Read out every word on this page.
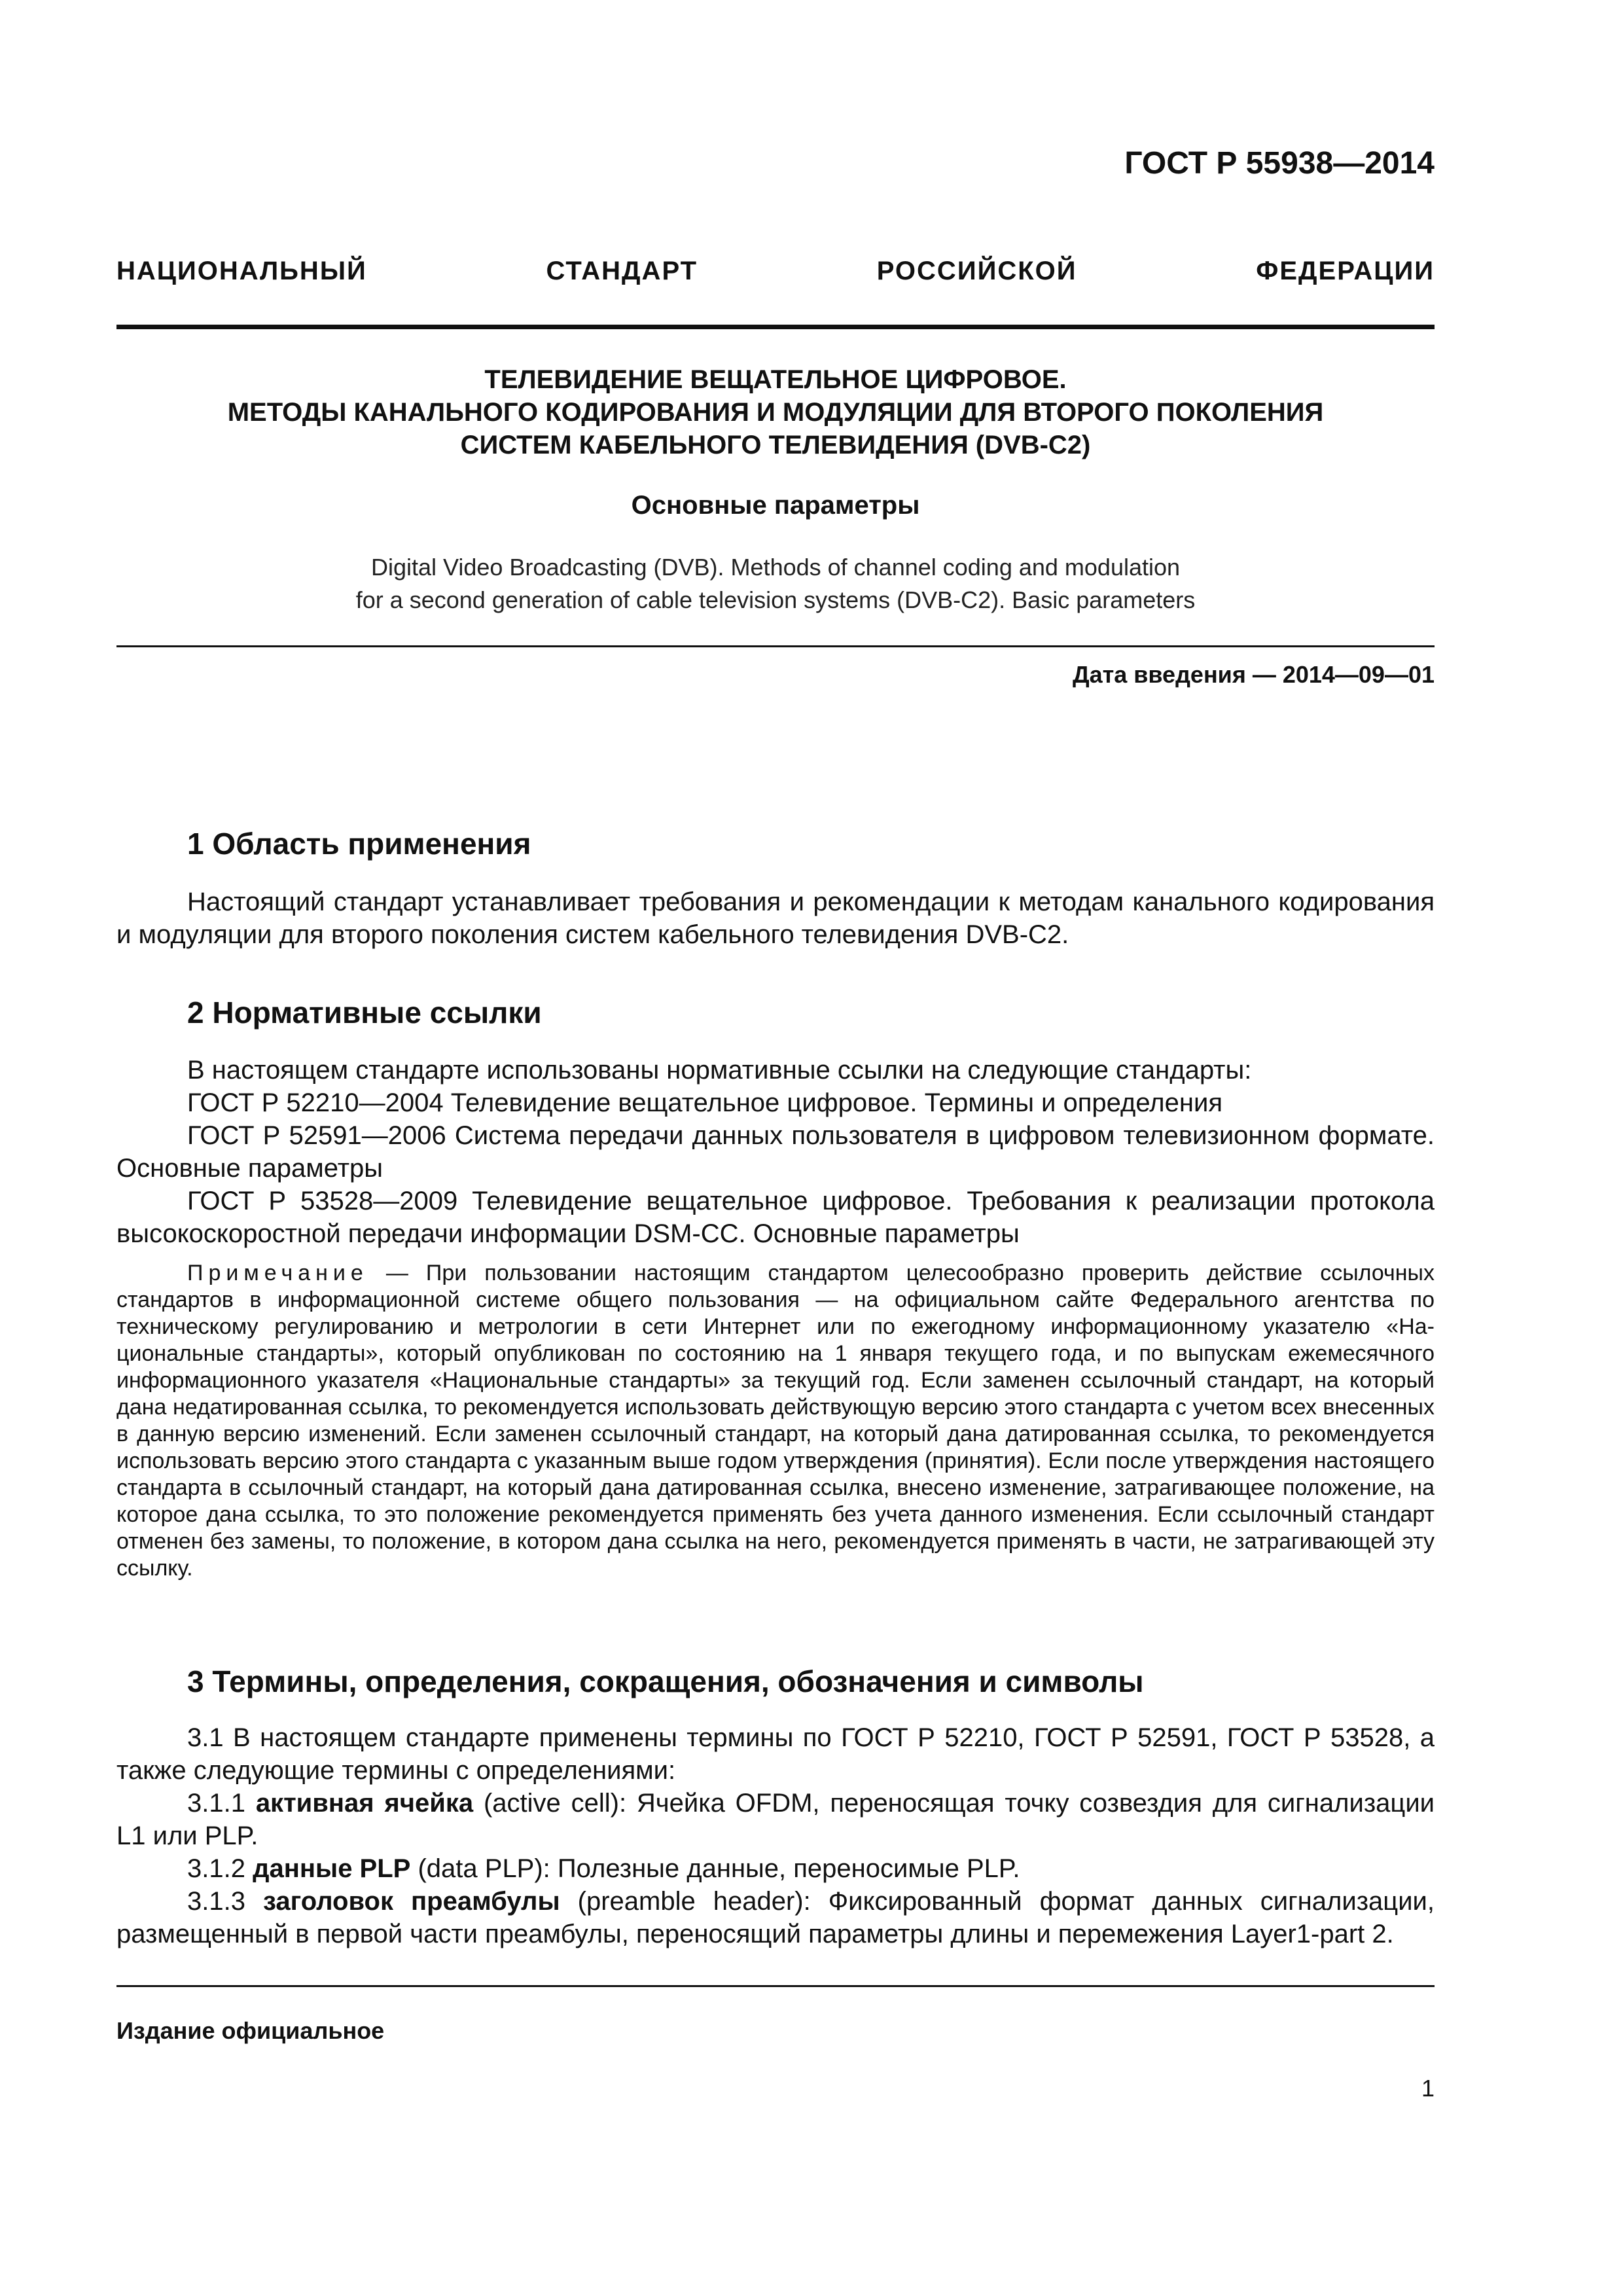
ГОСТ Р 55938—2014
НАЦИОНАЛЬНЫЙ СТАНДАРТ РОССИЙСКОЙ ФЕДЕРАЦИИ
ТЕЛЕВИДЕНИЕ ВЕЩАТЕЛЬНОЕ ЦИФРОВОЕ.
МЕТОДЫ КАНАЛЬНОГО КОДИРОВАНИЯ И МОДУЛЯЦИИ ДЛЯ ВТОРОГО ПОКОЛЕНИЯ
СИСТЕМ КАБЕЛЬНОГО ТЕЛЕВИДЕНИЯ (DVB-C2)
Основные параметры
Digital Video Broadcasting (DVB). Methods of channel coding and modulation
for a second generation of cable television systems (DVB-C2). Basic parameters
Дата введения — 2014—09—01
1 Область применения

Настоящий стандарт устанавливает требования и рекомендации к методам канального кодирования и модуляции для второго поколения систем кабельного телевидения DVB-C2.

2 Нормативные ссылки

В настоящем стандарте использованы нормативные ссылки на следующие стандарты:

ГОСТ Р 52210—2004 Телевидение вещательное цифровое. Термины и определения

ГОСТ Р 52591—2006 Система передачи данных пользователя в цифровом телевизионном формате. Основные параметры

ГОСТ Р 53528—2009 Телевидение вещательное цифровое. Требования к реализации протокола высокоскоростной передачи информации DSM-CC. Основные параметры

Примечание — При пользовании настоящим стандартом целесообразно проверить действие ссылочных стандартов в информационной системе общего пользования — на официальном сайте Федерального агентства по техническому регулированию и метрологии в сети Интернет или по ежегодному информационному указателю «Национальные стандарты», который опубликован по состоянию на 1 января текущего года, и по выпускам ежемесячного информационного указателя «Национальные стандарты» за текущий год. Если заменен ссылочный стандарт, на который дана недатированная ссылка, то рекомендуется использовать действующую версию этого стандарта с учетом всех внесенных в данную версию изменений. Если заменен ссылочный стандарт, на который дана датированная ссылка, то рекомендуется использовать версию этого стандарта с указанным выше годом утверждения (принятия). Если после утверждения настоящего стандарта в ссылочный стандарт, на который дана датированная ссылка, внесено изменение, затрагивающее положение, на которое дана ссылка, то это положение рекомендуется применять без учета данного изменения. Если ссылочный стандарт отменен без замены, то положение, в котором дана ссылка на него, рекомендуется применять в части, не затрагивающей эту ссылку.
3 Термины, определения, сокращения, обозначения и символы

3.1 В настоящем стандарте применены термины по ГОСТ Р 52210, ГОСТ Р 52591, ГОСТ Р 53528, а также следующие термины с определениями:

3.1.1 активная ячейка (active cell): Ячейка OFDM, переносящая точку созвездия для сигнализации L1 или PLP.

3.1.2 данные PLP (data PLP): Полезные данные, переносимые PLP.

3.1.3 заголовок преамбулы (preamble header): Фиксированный формат данных сигнализации, размещенный в первой части преамбулы, переносящий параметры длины и перемежения Layer1-part 2.

Издание официальное
1
